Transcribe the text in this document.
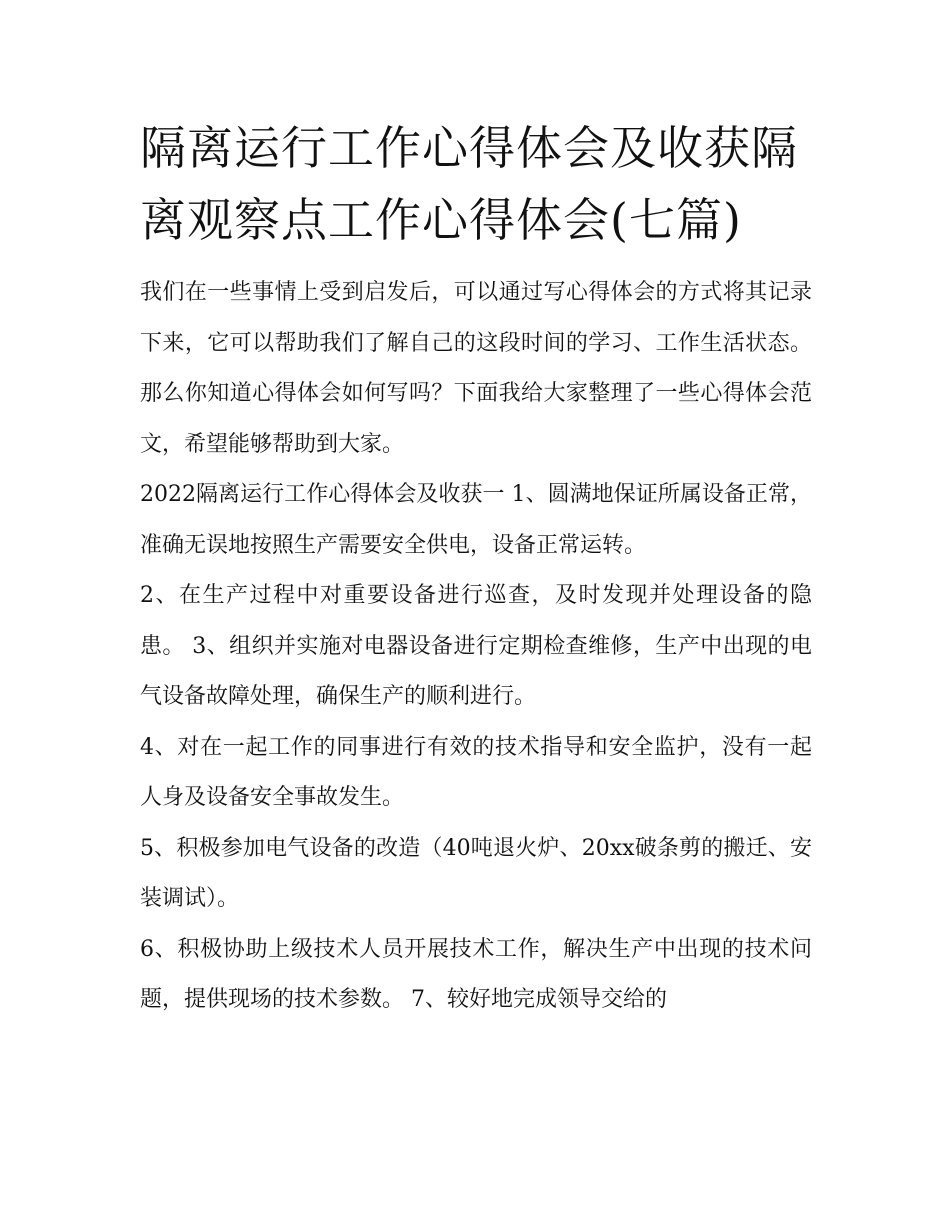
隔离运行工作心得体会及收获隔离观察点工作心得体会(七篇)

我们在一些事情上受到启发后，可以通过写心得体会的方式将其记录下来，它可以帮助我们了解自己的这段时间的学习、工作生活状态。那么你知道心得体会如何写吗？下面我给大家整理了一些心得体会范文，希望能够帮助到大家。

2022隔离运行工作心得体会及收获一 1、圆满地保证所属设备正常，准确无误地按照生产需要安全供电，设备正常运转。

2、在生产过程中对重要设备进行巡查，及时发现并处理设备的隐患。 3、组织并实施对电器设备进行定期检查维修，生产中出现的电气设备故障处理，确保生产的顺利进行。

4、对在一起工作的同事进行有效的技术指导和安全监护，没有一起人身及设备安全事故发生。

5、积极参加电气设备的改造（40吨退火炉、20xx破条剪的搬迁、安装调试）。

6、积极协助上级技术人员开展技术工作，解决生产中出现的技术问题，提供现场的技术参数。 7、较好地完成领导交给的
